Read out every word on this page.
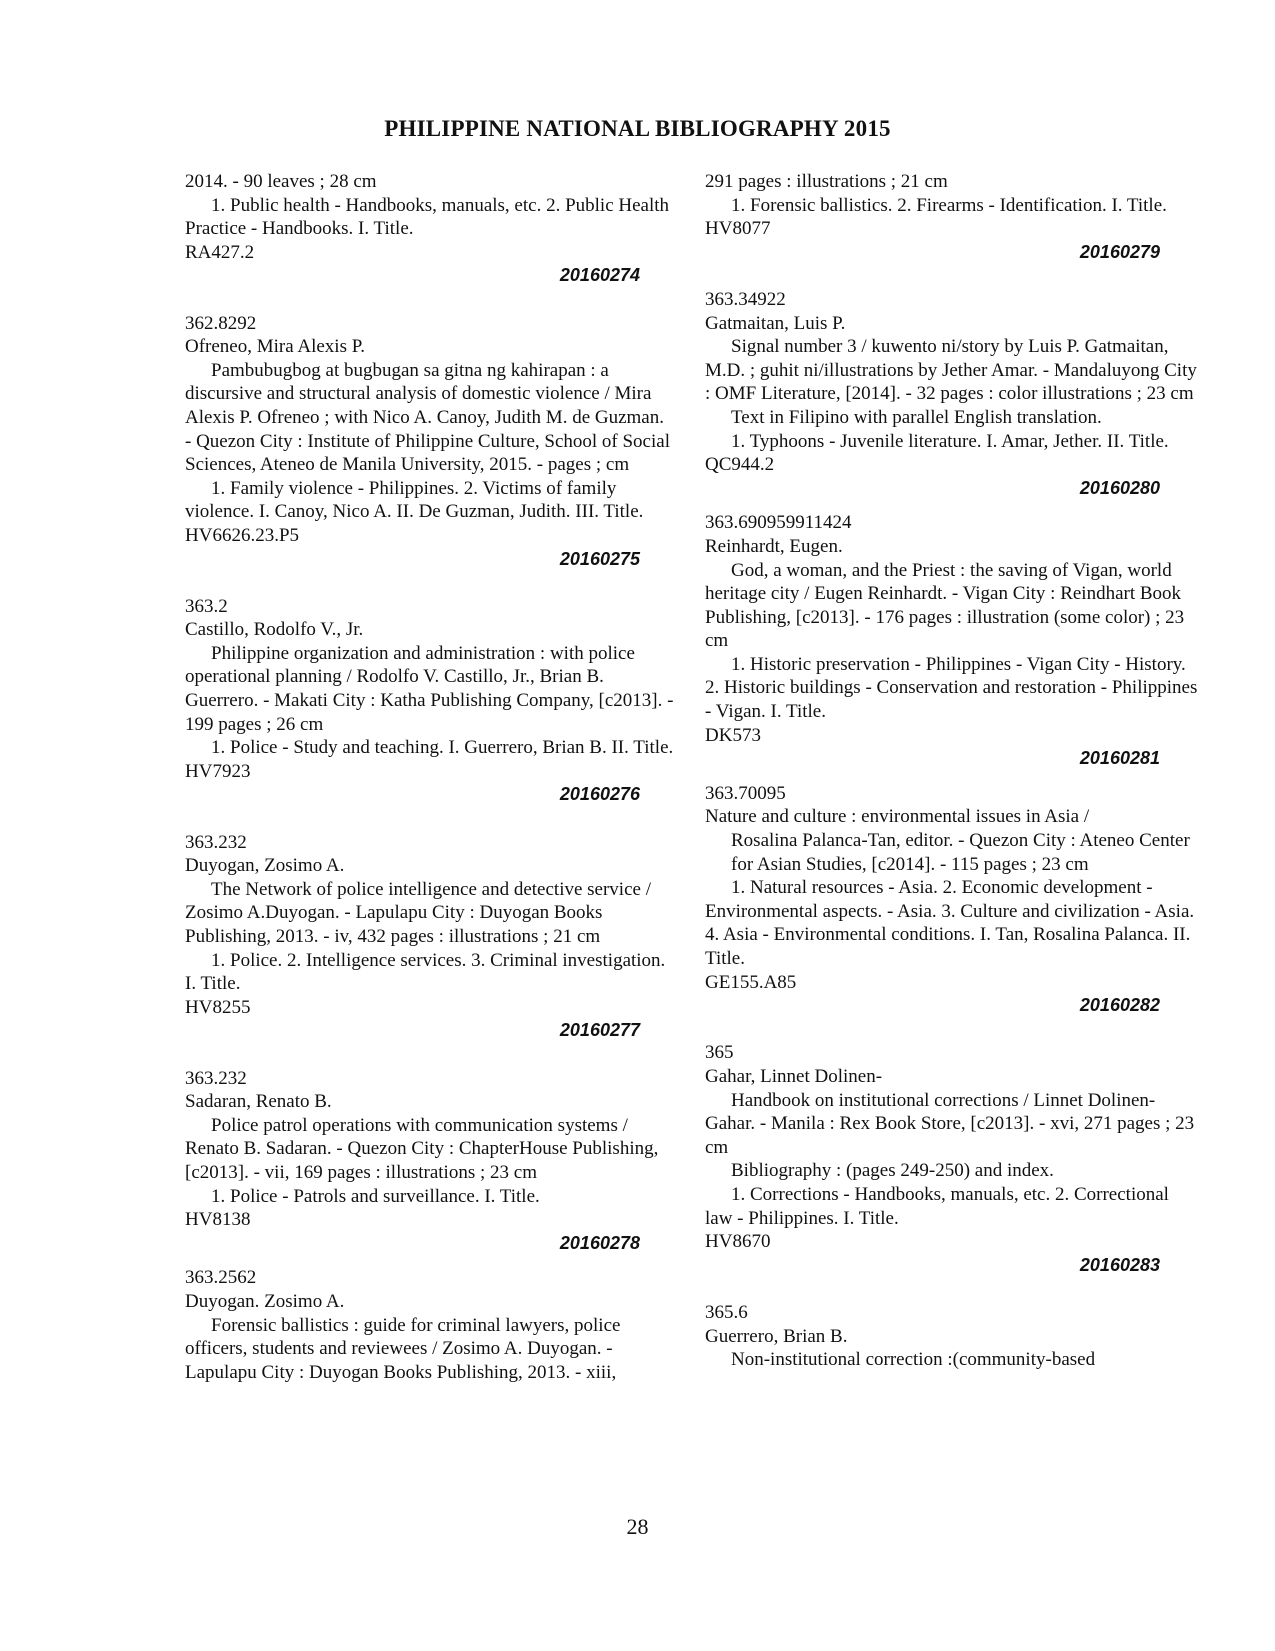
PHILIPPINE NATIONAL BIBLIOGRAPHY 2015

2014. - 90 leaves ; 28 cm

1. Public health - Handbooks, manuals, etc. 2. Public Health Practice - Handbooks. I. Title.

RA427.2

20160274

362.8292

Ofreneo, Mira Alexis P.

Pambubugbog at bugbugan sa gitna ng kahirapan : a discursive and structural analysis of domestic violence / Mira Alexis P. Ofreneo ; with Nico A. Canoy, Judith M. de Guzman. - Quezon City : Institute of Philippine Culture, School of Social Sciences, Ateneo de Manila University, 2015. - pages ; cm

1. Family violence - Philippines. 2. Victims of family violence. I. Canoy, Nico A. II. De Guzman, Judith. III. Title.

HV6626.23.P5

20160275

363.2

Castillo, Rodolfo V., Jr.

Philippine organization and administration : with police operational planning / Rodolfo V. Castillo, Jr., Brian B. Guerrero. - Makati City : Katha Publishing Company, [c2013]. - 199 pages ; 26 cm

1. Police - Study and teaching. I. Guerrero, Brian B. II. Title.

HV7923

20160276

363.232

Duyogan, Zosimo A.

The Network of police intelligence and detective service / Zosimo A.Duyogan. - Lapulapu City : Duyogan Books Publishing, 2013. - iv, 432 pages : illustrations ; 21 cm

1. Police. 2. Intelligence services. 3. Criminal investigation. I. Title.

HV8255

20160277

363.232

Sadaran, Renato B.

Police patrol operations with communication systems / Renato B. Sadaran. - Quezon City : ChapterHouse Publishing, [c2013]. - vii, 169 pages : illustrations ; 23 cm

1. Police - Patrols and surveillance. I. Title.

HV8138

20160278

363.2562

Duyogan. Zosimo A.

Forensic ballistics : guide for criminal lawyers, police officers, students and reviewees / Zosimo A. Duyogan. - Lapulapu City : Duyogan Books Publishing, 2013. - xiii,

291 pages : illustrations ; 21 cm

1. Forensic ballistics. 2. Firearms - Identification. I. Title.

HV8077

20160279

363.34922

Gatmaitan, Luis P.

Signal number 3 / kuwento ni/story by Luis P. Gatmaitan, M.D. ; guhit ni/illustrations by Jether Amar. - Mandaluyong City : OMF Literature, [2014]. - 32 pages : color illustrations ; 23 cm

Text in Filipino with parallel English translation.

1. Typhoons - Juvenile literature. I. Amar, Jether. II. Title.

QC944.2

20160280

363.690959911424

Reinhardt, Eugen.

God, a woman, and the Priest : the saving of Vigan, world heritage city / Eugen Reinhardt. - Vigan City : Reindhart Book Publishing, [c2013]. - 176 pages : illustration (some color) ; 23 cm

1. Historic preservation - Philippines - Vigan City - History. 2. Historic buildings - Conservation and restoration - Philippines - Vigan. I. Title.

DK573

20160281

363.70095

Nature and culture : environmental issues in Asia /

Rosalina Palanca-Tan, editor. - Quezon City : Ateneo Center for Asian Studies, [c2014]. - 115 pages ; 23 cm

1. Natural resources - Asia. 2. Economic development - Environmental aspects. - Asia. 3. Culture and civilization - Asia. 4. Asia - Environmental conditions. I. Tan, Rosalina Palanca. II. Title.

GE155.A85

20160282

365

Gahar, Linnet Dolinen-

Handbook on institutional corrections / Linnet Dolinen-Gahar. - Manila : Rex Book Store, [c2013]. - xvi, 271 pages ; 23 cm

Bibliography : (pages 249-250) and index.

1. Corrections - Handbooks, manuals, etc. 2. Correctional law - Philippines. I. Title.

HV8670

20160283

365.6

Guerrero, Brian B.

Non-institutional correction :(community-based

28
